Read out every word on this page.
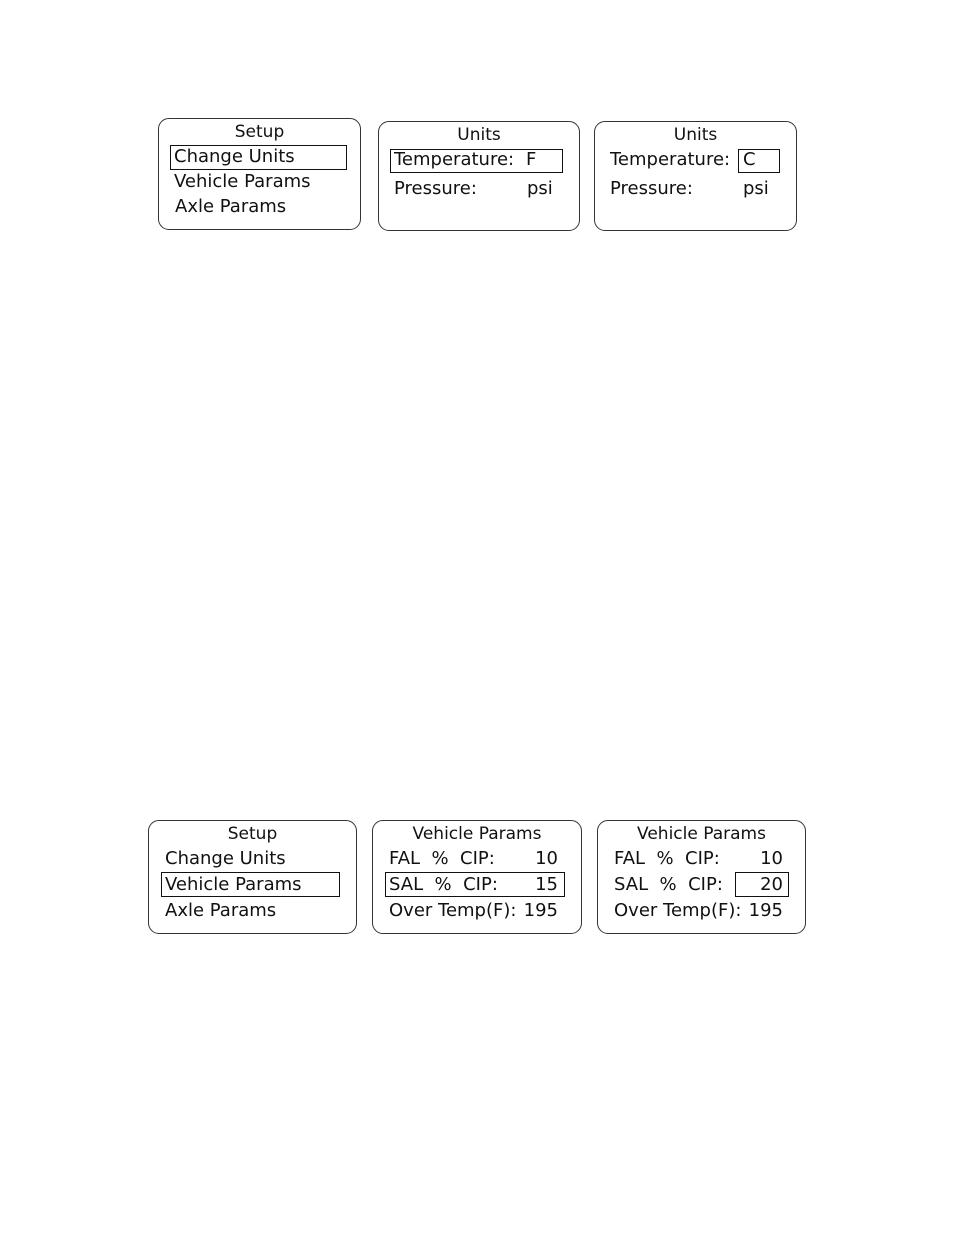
Setup
Change Units
Vehicle Params
Axle Params
Units
Temperature: F
Pressure:	psi
Units
Temperature: C
Pressure:	psi
Setup
Change Units
Vehicle Params
Axle Params
Vehicle Params
FAL  %  CIP:	10
SAL  %  CIP:	15
Over Temp(F): 195
Vehicle Params
FAL  %  CIP:	10
SAL  %  CIP:	20
Over Temp(F): 195
